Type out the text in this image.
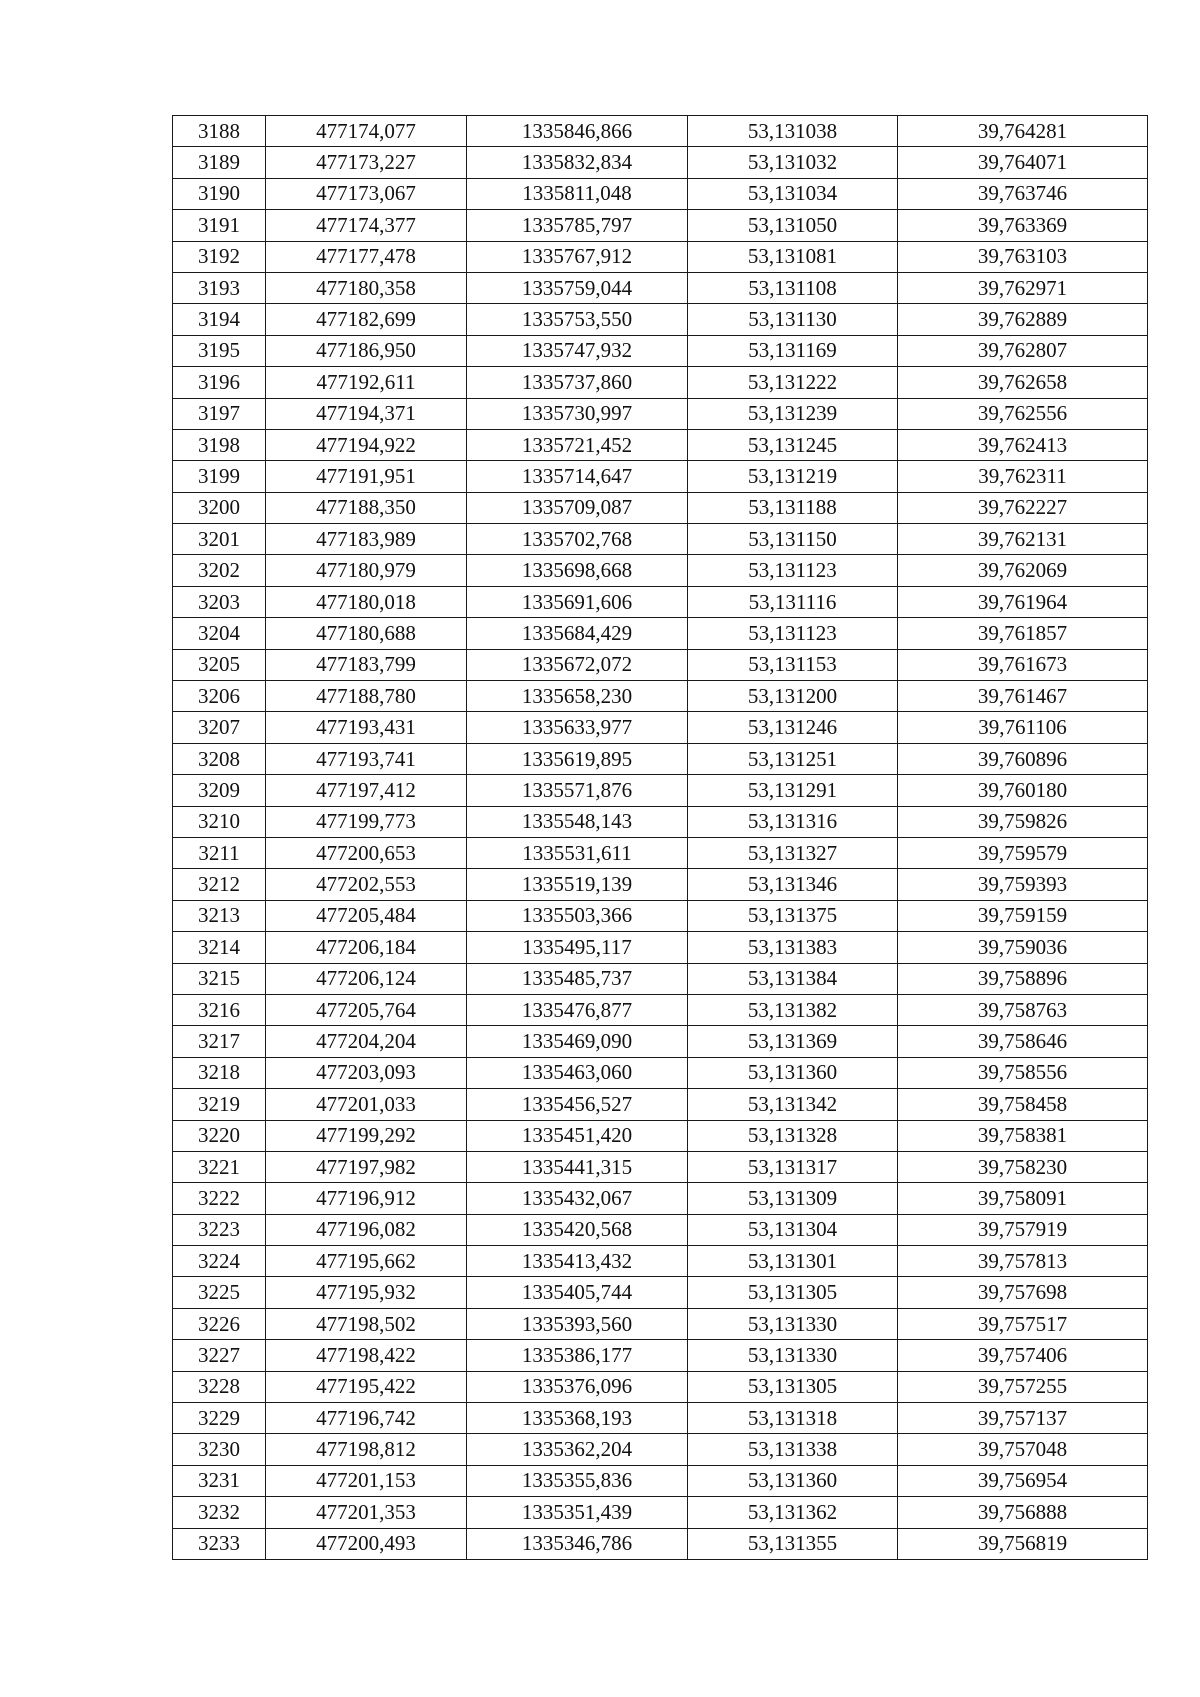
3188	477174,077	1335846,866	53,131038	39,764281
3189	477173,227	1335832,834	53,131032	39,764071
3190	477173,067	1335811,048	53,131034	39,763746
3191	477174,377	1335785,797	53,131050	39,763369
3192	477177,478	1335767,912	53,131081	39,763103
3193	477180,358	1335759,044	53,131108	39,762971
3194	477182,699	1335753,550	53,131130	39,762889
3195	477186,950	1335747,932	53,131169	39,762807
3196	477192,611	1335737,860	53,131222	39,762658
3197	477194,371	1335730,997	53,131239	39,762556
3198	477194,922	1335721,452	53,131245	39,762413
3199	477191,951	1335714,647	53,131219	39,762311
3200	477188,350	1335709,087	53,131188	39,762227
3201	477183,989	1335702,768	53,131150	39,762131
3202	477180,979	1335698,668	53,131123	39,762069
3203	477180,018	1335691,606	53,131116	39,761964
3204	477180,688	1335684,429	53,131123	39,761857
3205	477183,799	1335672,072	53,131153	39,761673
3206	477188,780	1335658,230	53,131200	39,761467
3207	477193,431	1335633,977	53,131246	39,761106
3208	477193,741	1335619,895	53,131251	39,760896
3209	477197,412	1335571,876	53,131291	39,760180
3210	477199,773	1335548,143	53,131316	39,759826
3211	477200,653	1335531,611	53,131327	39,759579
3212	477202,553	1335519,139	53,131346	39,759393
3213	477205,484	1335503,366	53,131375	39,759159
3214	477206,184	1335495,117	53,131383	39,759036
3215	477206,124	1335485,737	53,131384	39,758896
3216	477205,764	1335476,877	53,131382	39,758763
3217	477204,204	1335469,090	53,131369	39,758646
3218	477203,093	1335463,060	53,131360	39,758556
3219	477201,033	1335456,527	53,131342	39,758458
3220	477199,292	1335451,420	53,131328	39,758381
3221	477197,982	1335441,315	53,131317	39,758230
3222	477196,912	1335432,067	53,131309	39,758091
3223	477196,082	1335420,568	53,131304	39,757919
3224	477195,662	1335413,432	53,131301	39,757813
3225	477195,932	1335405,744	53,131305	39,757698
3226	477198,502	1335393,560	53,131330	39,757517
3227	477198,422	1335386,177	53,131330	39,757406
3228	477195,422	1335376,096	53,131305	39,757255
3229	477196,742	1335368,193	53,131318	39,757137
3230	477198,812	1335362,204	53,131338	39,757048
3231	477201,153	1335355,836	53,131360	39,756954
3232	477201,353	1335351,439	53,131362	39,756888
3233	477200,493	1335346,786	53,131355	39,756819
